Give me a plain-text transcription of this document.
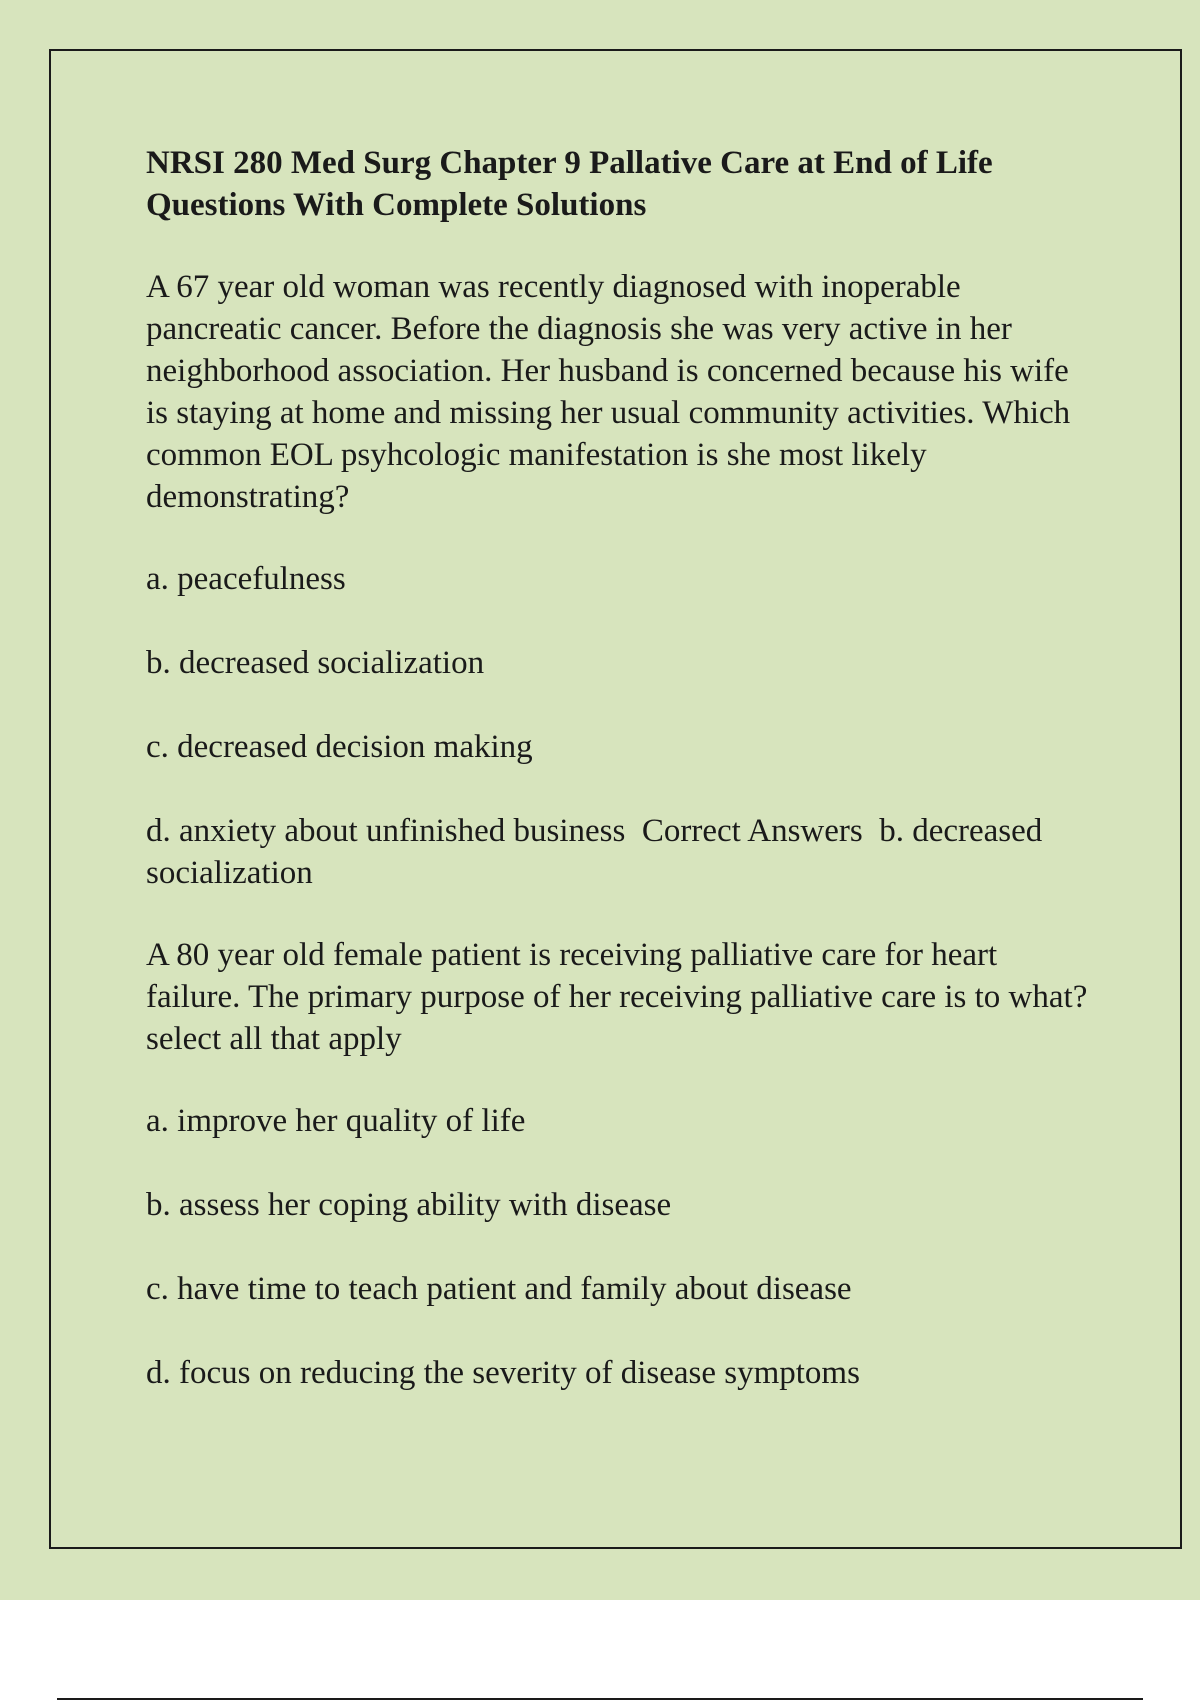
NRSI 280 Med Surg Chapter 9 Pallative Care at End of Life Questions With Complete Solutions

A 67 year old woman was recently diagnosed with inoperable pancreatic cancer. Before the diagnosis she was very active in her neighborhood association. Her husband is concerned because his wife is staying at home and missing her usual community activities. Which common EOL psyhcologic manifestation is she most likely demonstrating?

a. peacefulness

b. decreased socialization

c. decreased decision making

d. anxiety about unfinished business Correct Answers b. decreased socialization

A 80 year old female patient is receiving palliative care for heart failure. The primary purpose of her receiving palliative care is to what? select all that apply

a. improve her quality of life

b. assess her coping ability with disease

c. have time to teach patient and family about disease

d. focus on reducing the severity of disease symptoms
